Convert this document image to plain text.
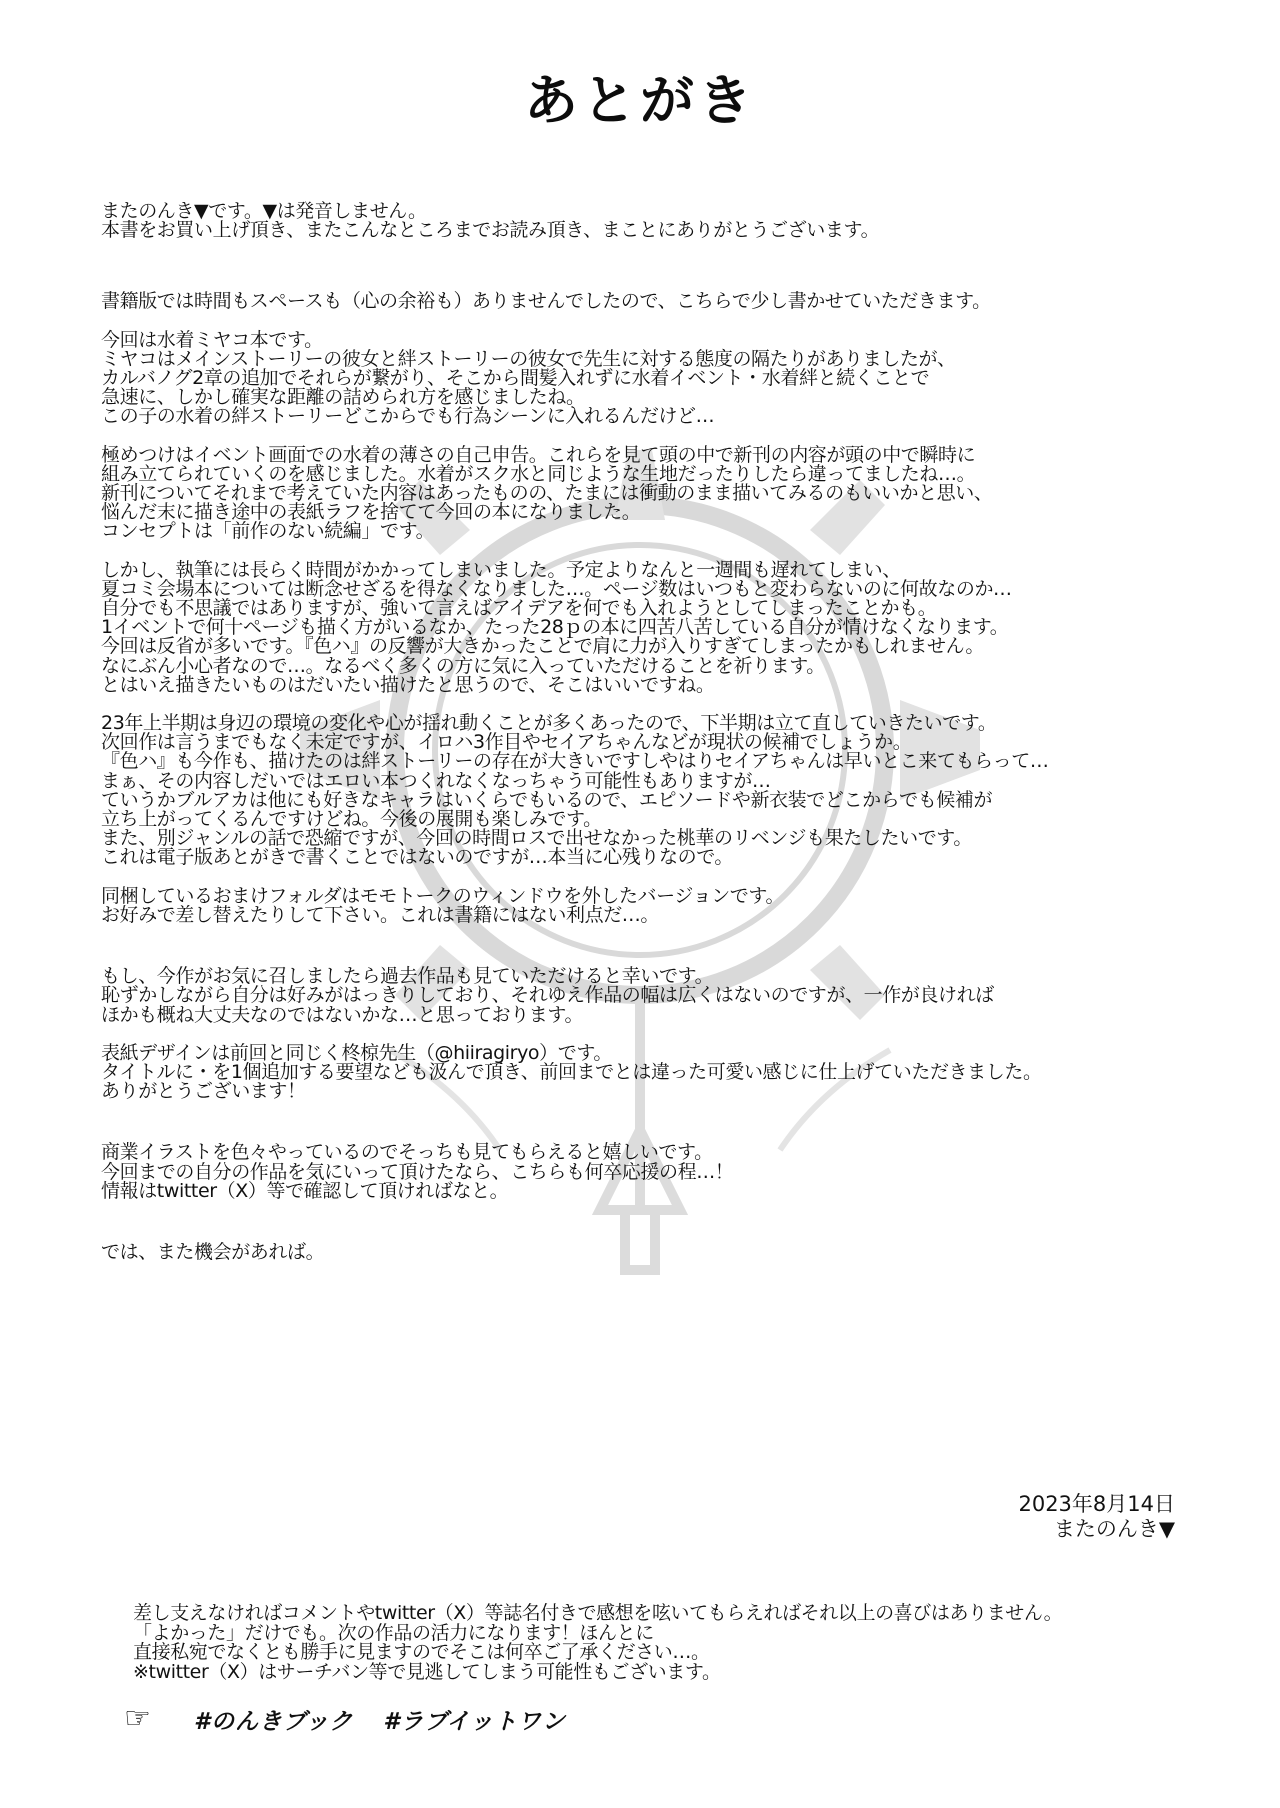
あとがき
またのんき▼です。▼は発音しません。
本書をお買い上げ頂き、またこんなところまでお読み頂き、まことにありがとうございます。
書籍版では時間もスペースも（心の余裕も）ありませんでしたので、こちらで少し書かせていただきます。
今回は水着ミヤコ本です。
ミヤコはメインストーリーの彼女と絆ストーリーの彼女で先生に対する態度の隔たりがありましたが、
カルバノグ2章の追加でそれらが繋がり、そこから間髪入れずに水着イベント・水着絆と続くことで
急速に、しかし確実な距離の詰められ方を感じましたね。
この子の水着の絆ストーリーどこからでも行為シーンに入れるんだけど…
極めつけはイベント画面での水着の薄さの自己申告。これらを見て頭の中で新刊の内容が頭の中で瞬時に
組み立てられていくのを感じました。水着がスク水と同じような生地だったりしたら違ってましたね…。
新刊についてそれまで考えていた内容はあったものの、たまには衝動のまま描いてみるのもいいかと思い、
悩んだ末に描き途中の表紙ラフを捨てて今回の本になりました。
コンセプトは「前作のない続編」です。
しかし、執筆には長らく時間がかかってしまいました。予定よりなんと一週間も遅れてしまい、
夏コミ会場本については断念せざるを得なくなりました…。ページ数はいつもと変わらないのに何故なのか…
自分でも不思議ではありますが、強いて言えばアイデアを何でも入れようとしてしまったことかも。
1イベントで何十ページも描く方がいるなか、たった28ｐの本に四苦八苦している自分が情けなくなります。
今回は反省が多いです。『色ハ』の反響が大きかったことで肩に力が入りすぎてしまったかもしれません。
なにぶん小心者なので…。なるべく多くの方に気に入っていただけることを祈ります。
とはいえ描きたいものはだいたい描けたと思うので、そこはいいですね。
23年上半期は身辺の環境の変化や心が揺れ動くことが多くあったので、下半期は立て直していきたいです。
次回作は言うまでもなく未定ですが、イロハ3作目やセイアちゃんなどが現状の候補でしょうか。
『色ハ』も今作も、描けたのは絆ストーリーの存在が大きいですしやはりセイアちゃんは早いとこ来てもらって…
まぁ、その内容しだいではエロい本つくれなくなっちゃう可能性もありますが…
ていうかブルアカは他にも好きなキャラはいくらでもいるので、エピソードや新衣装でどこからでも候補が
立ち上がってくるんですけどね。今後の展開も楽しみです。
また、別ジャンルの話で恐縮ですが、今回の時間ロスで出せなかった桃華のリベンジも果たしたいです。
これは電子版あとがきで書くことではないのですが…本当に心残りなので。
同梱しているおまけフォルダはモモトークのウィンドウを外したバージョンです。
お好みで差し替えたりして下さい。これは書籍にはない利点だ…。
もし、今作がお気に召しましたら過去作品も見ていただけると幸いです。
恥ずかしながら自分は好みがはっきりしており、それゆえ作品の幅は広くはないのですが、一作が良ければ
ほかも概ね大丈夫なのではないかな…と思っております。
表紙デザインは前回と同じく柊椋先生（@hiiragiryo）です。
タイトルに・を1個追加する要望なども汲んで頂き、前回までとは違った可愛い感じに仕上げていただきました。
ありがとうございます！
商業イラストを色々やっているのでそっちも見てもらえると嬉しいです。
今回までの自分の作品を気にいって頂けたなら、こちらも何卒応援の程…！
情報はtwitter（X）等で確認して頂ければなと。
では、また機会があれば。
2023年8月14日
またのんき▼
差し支えなければコメントやtwitter（X）等誌名付きで感想を呟いてもらえればそれ以上の喜びはありません。
「よかった」だけでも。次の作品の活力になります！ほんとに
直接私宛でなくとも勝手に見ますのでそこは何卒ご了承ください…。
※twitter（X）はサーチバン等で見逃してしまう可能性もございます。
☞	#のんきブック #ラブイットワン
